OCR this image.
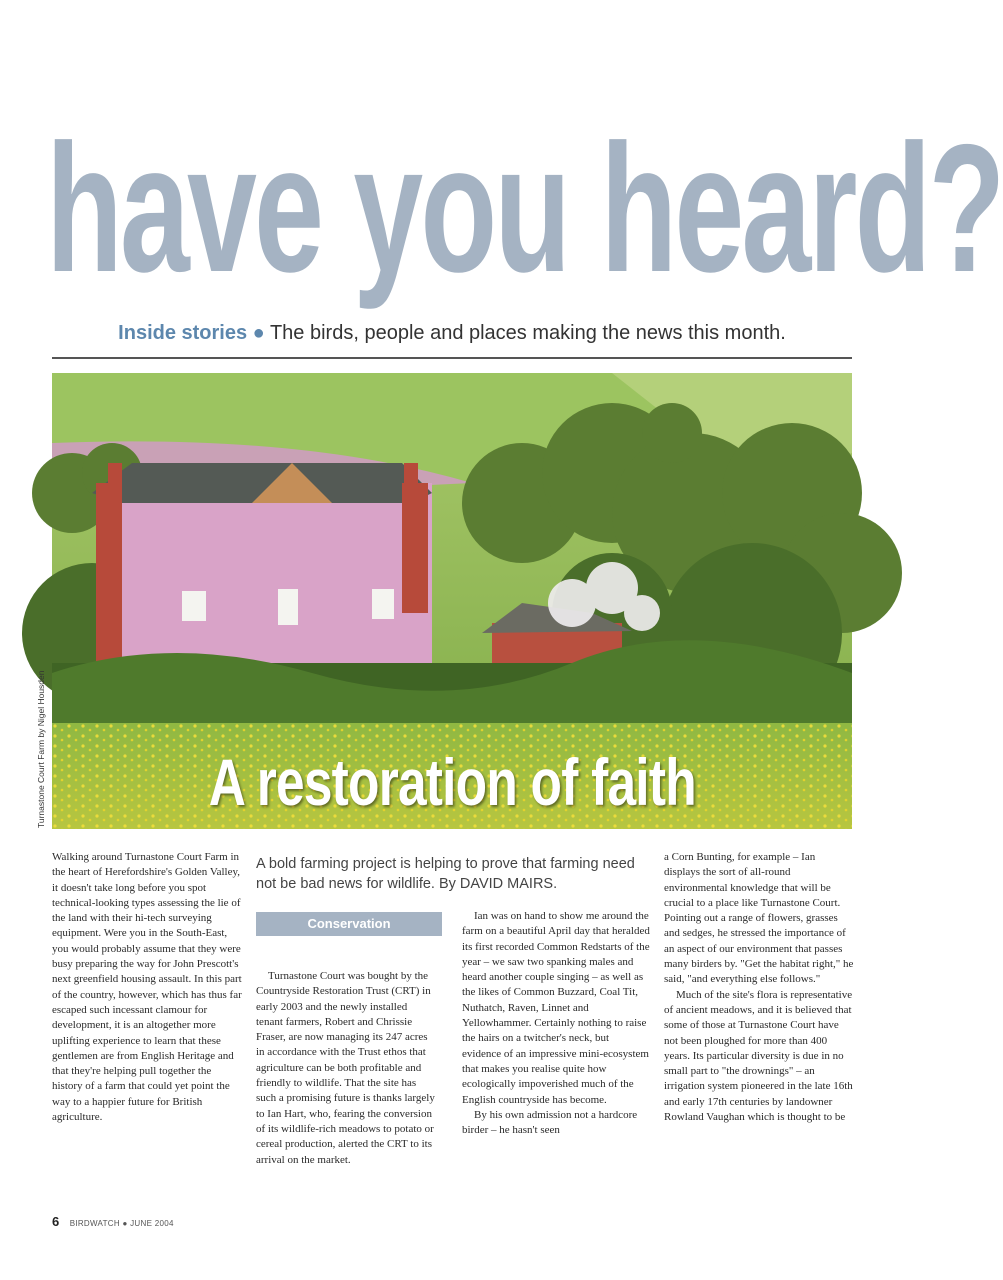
have you heard?
Inside stories ● The birds, people and places making the news this month.
A restoration of faith
Turnastone Court Farm by Nigel Housden

Walking around Turnastone Court Farm in the heart of Herefordshire's Golden Valley, it doesn't take long before you spot technical-looking types assessing the lie of the land with their hi-tech surveying equipment. Were you in the South-East, you would probably assume that they were busy preparing the way for John Prescott's next greenfield housing assault. In this part of the country, however, which has thus far escaped such incessant clamour for development, it is an altogether more uplifting experience to learn that these gentlemen are from English Heritage and that they're helping pull together the history of a farm that could yet point the way to a happier future for British agriculture.

A bold farming project is helping to prove that farming need not be bad news for wildlife. By DAVID MAIRS.
Conservation

Turnastone Court was bought by the Countryside Restoration Trust (CRT) in early 2003 and the newly installed tenant farmers, Robert and Chrissie Fraser, are now managing its 247 acres in accordance with the Trust ethos that agriculture can be both profitable and friendly to wildlife. That the site has such a promising future is thanks largely to Ian Hart, who, fearing the conversion of its wildlife-rich meadows to potato or cereal production, alerted the CRT to its arrival on the market.

Ian was on hand to show me around the farm on a beautiful April day that heralded its first recorded Common Redstarts of the year – we saw two spanking males and heard another couple singing – as well as the likes of Common Buzzard, Coal Tit, Nuthatch, Raven, Linnet and Yellowhammer. Certainly nothing to raise the hairs on a twitcher's neck, but evidence of an impressive mini-ecosystem that makes you realise quite how ecologically impoverished much of the English countryside has become.

By his own admission not a hardcore birder – he hasn't seen

a Corn Bunting, for example – Ian displays the sort of all-round environmental knowledge that will be crucial to a place like Turnastone Court. Pointing out a range of flowers, grasses and sedges, he stressed the importance of an aspect of our environment that passes many birders by. "Get the habitat right," he said, "and everything else follows."

Much of the site's flora is representative of ancient meadows, and it is believed that some of those at Turnastone Court have not been ploughed for more than 400 years. Its particular diversity is due in no small part to "the drownings" – an irrigation system pioneered in the late 16th and early 17th centuries by landowner Rowland Vaughan which is thought to be

6 BIRDWATCH ● JUNE 2004
